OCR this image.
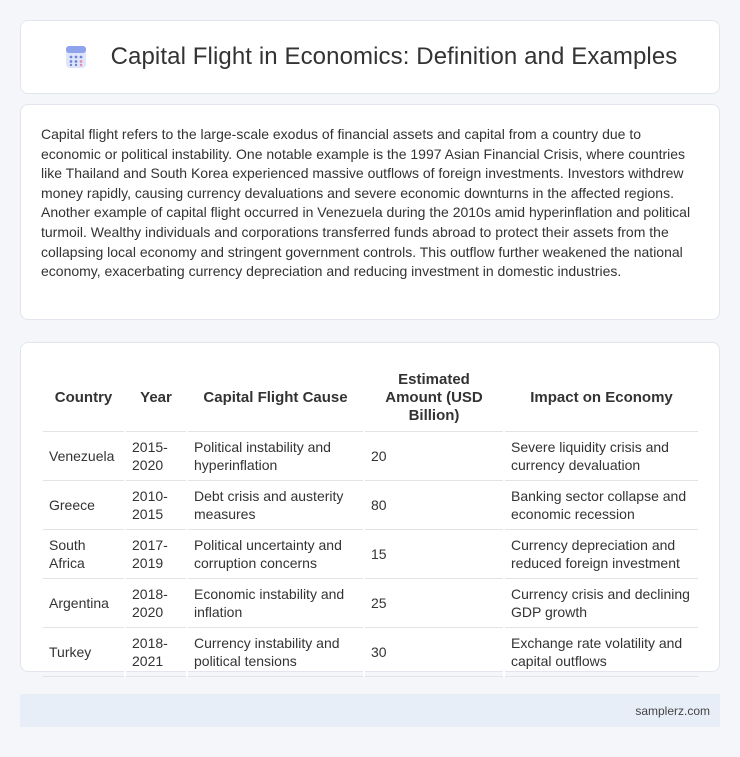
Capital Flight in Economics: Definition and Examples

Capital flight refers to the large-scale exodus of financial assets and capital from a country due to economic or political instability. One notable example is the 1997 Asian Financial Crisis, where countries like Thailand and South Korea experienced massive outflows of foreign investments. Investors withdrew money rapidly, causing currency devaluations and severe economic downturns in the affected regions. Another example of capital flight occurred in Venezuela during the 2010s amid hyperinflation and political turmoil. Wealthy individuals and corporations transferred funds abroad to protect their assets from the collapsing local economy and stringent government controls. This outflow further weakened the national economy, exacerbating currency depreciation and reducing investment in domestic industries.

Country	Year	Capital Flight Cause	Estimated Amount (USD Billion)	Impact on Economy
Venezuela	2015-2020	Political instability and hyperinflation	20	Severe liquidity crisis and currency devaluation
Greece	2010-2015	Debt crisis and austerity measures	80	Banking sector collapse and economic recession
South Africa	2017-2019	Political uncertainty and corruption concerns	15	Currency depreciation and reduced foreign investment
Argentina	2018-2020	Economic instability and inflation	25	Currency crisis and declining GDP growth
Turkey	2018-2021	Currency instability and political tensions	30	Exchange rate volatility and capital outflows
samplerz.com
